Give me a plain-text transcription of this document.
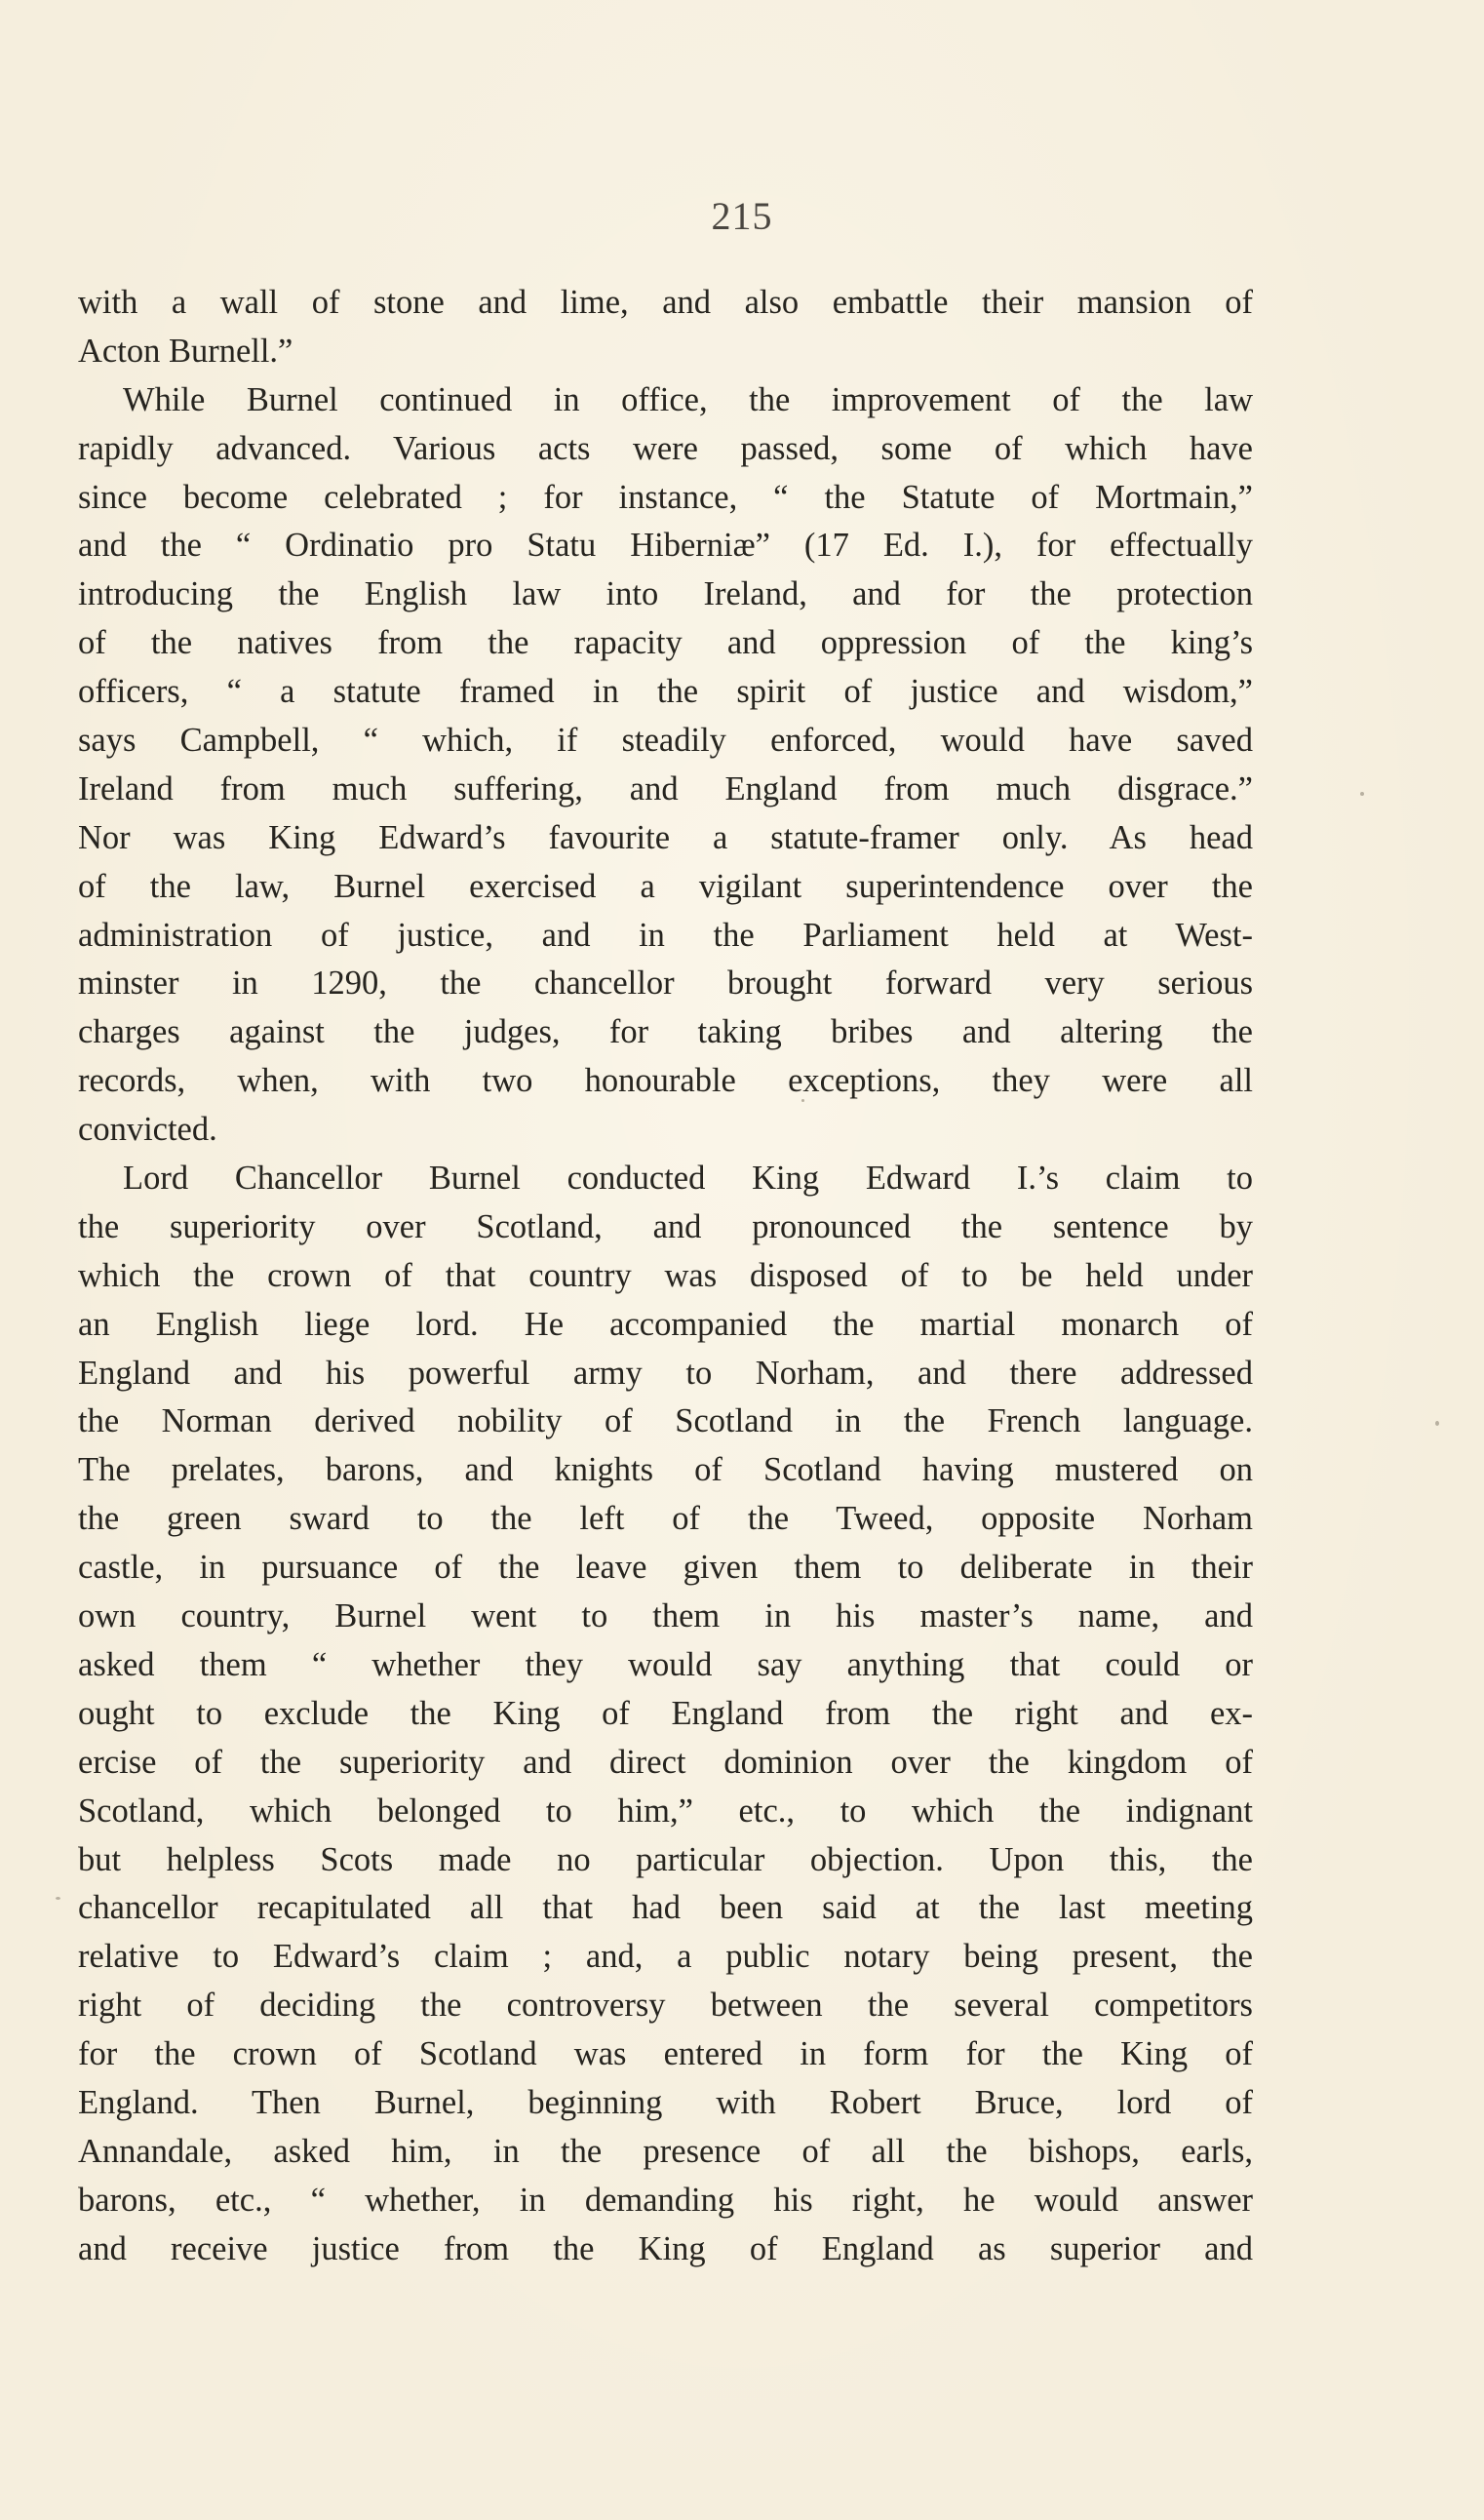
215
with a wall of stone and lime, and also embattle their mansion of
Acton Burnell.”
While Burnel continued in office, the improvement of the law
rapidly advanced. Various acts were passed, some of which have
since become celebrated ; for instance, “ the Statute of Mortmain,”
and the “ Ordinatio pro Statu Hiberniæ” (17 Ed. I.), for effectually
introducing the English law into Ireland, and for the protection
of the natives from the rapacity and oppression of the king’s
officers, “ a statute framed in the spirit of justice and wisdom,”
says Campbell, “ which, if steadily enforced, would have saved
Ireland from much suffering, and England from much disgrace.”
Nor was King Edward’s favourite a statute-framer only. As head
of the law, Burnel exercised a vigilant superintendence over the
administration of justice, and in the Parliament held at West-
minster in 1290, the chancellor brought forward very serious
charges against the judges, for taking bribes and altering the
records, when, with two honourable exceptions, they were all
convicted.
Lord Chancellor Burnel conducted King Edward I.’s claim to
the superiority over Scotland, and pronounced the sentence by
which the crown of that country was disposed of to be held under
an English liege lord. He accompanied the martial monarch of
England and his powerful army to Norham, and there addressed
the Norman derived nobility of Scotland in the French language.
The prelates, barons, and knights of Scotland having mustered on
the green sward to the left of the Tweed, opposite Norham
castle, in pursuance of the leave given them to deliberate in their
own country, Burnel went to them in his master’s name, and
asked them “ whether they would say anything that could or
ought to exclude the King of England from the right and ex-
ercise of the superiority and direct dominion over the kingdom of
Scotland, which belonged to him,” etc., to which the indignant
but helpless Scots made no particular objection. Upon this, the
chancellor recapitulated all that had been said at the last meeting
relative to Edward’s claim ; and, a public notary being present, the
right of deciding the controversy between the several competitors
for the crown of Scotland was entered in form for the King of
England. Then Burnel, beginning with Robert Bruce, lord of
Annandale, asked him, in the presence of all the bishops, earls,
barons, etc., “ whether, in demanding his right, he would answer
and receive justice from the King of England as superior and
